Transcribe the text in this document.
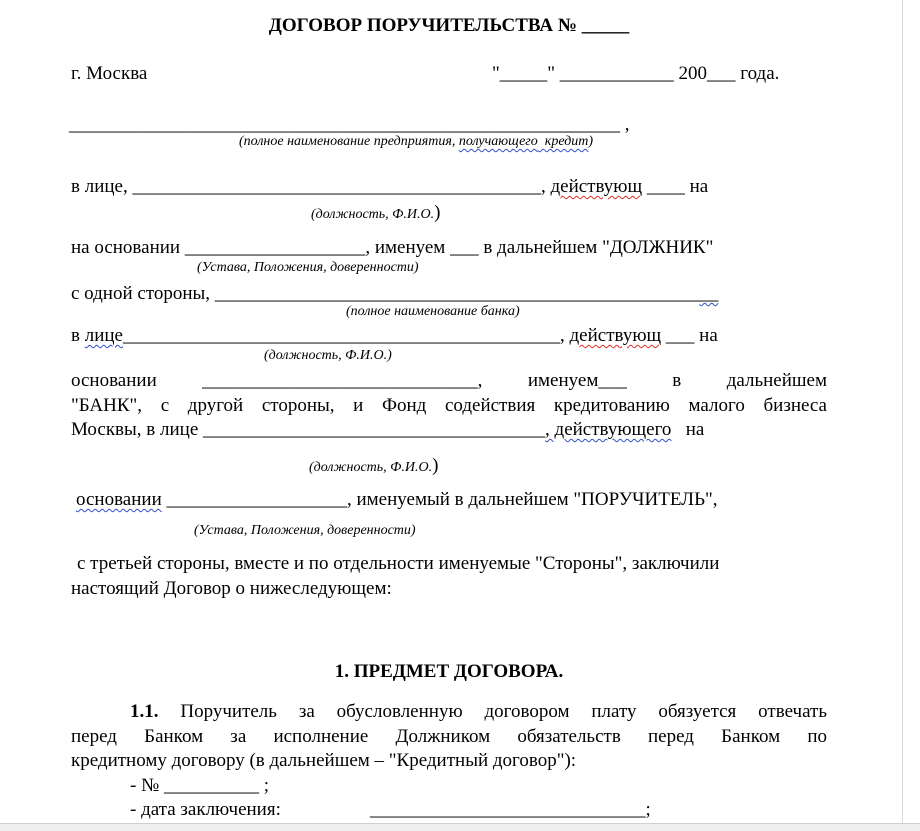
ДОГОВОР ПОРУЧИТЕЛЬСТВА № _____
г. Москва	"_____" ____________ 200___ года.
__________________________________________________________ ,
(полное наименование предприятия, получающего кредит)
в лице, ___________________________________________, действующ ____ на
(должность, Ф.И.О.)
на основании ___________________, именуем ___ в дальнейшем "ДОЛЖНИК"
(Устава, Положения, доверенности)
с одной стороны, _____________________________________________________
(полное наименование банка)
в лице______________________________________________, действующ ___ на
(должность, Ф.И.О.)
основании _____________________________, именуем___ в дальнейшем
"БАНК", с другой стороны, и Фонд содействия кредитованию малого бизнеса
Москвы, в лице ____________________________________, действующего   на
(должность, Ф.И.О.)
основании ___________________, именуемый в дальнейшем "ПОРУЧИТЕЛЬ",
(Устава, Положения, доверенности)
с третьей стороны, вместе и по отдельности именуемые "Стороны", заключили
настоящий Договор о нижеследующем:
1. ПРЕДМЕТ ДОГОВОРА.
1.1. Поручитель за обусловленную договором плату обязуется отвечать
перед Банком за исполнение Должником обязательств перед Банком по
кредитному договору (в дальнейшем – "Кредитный договор"):
- № __________ ;
- дата заключения:	_____________________________;
